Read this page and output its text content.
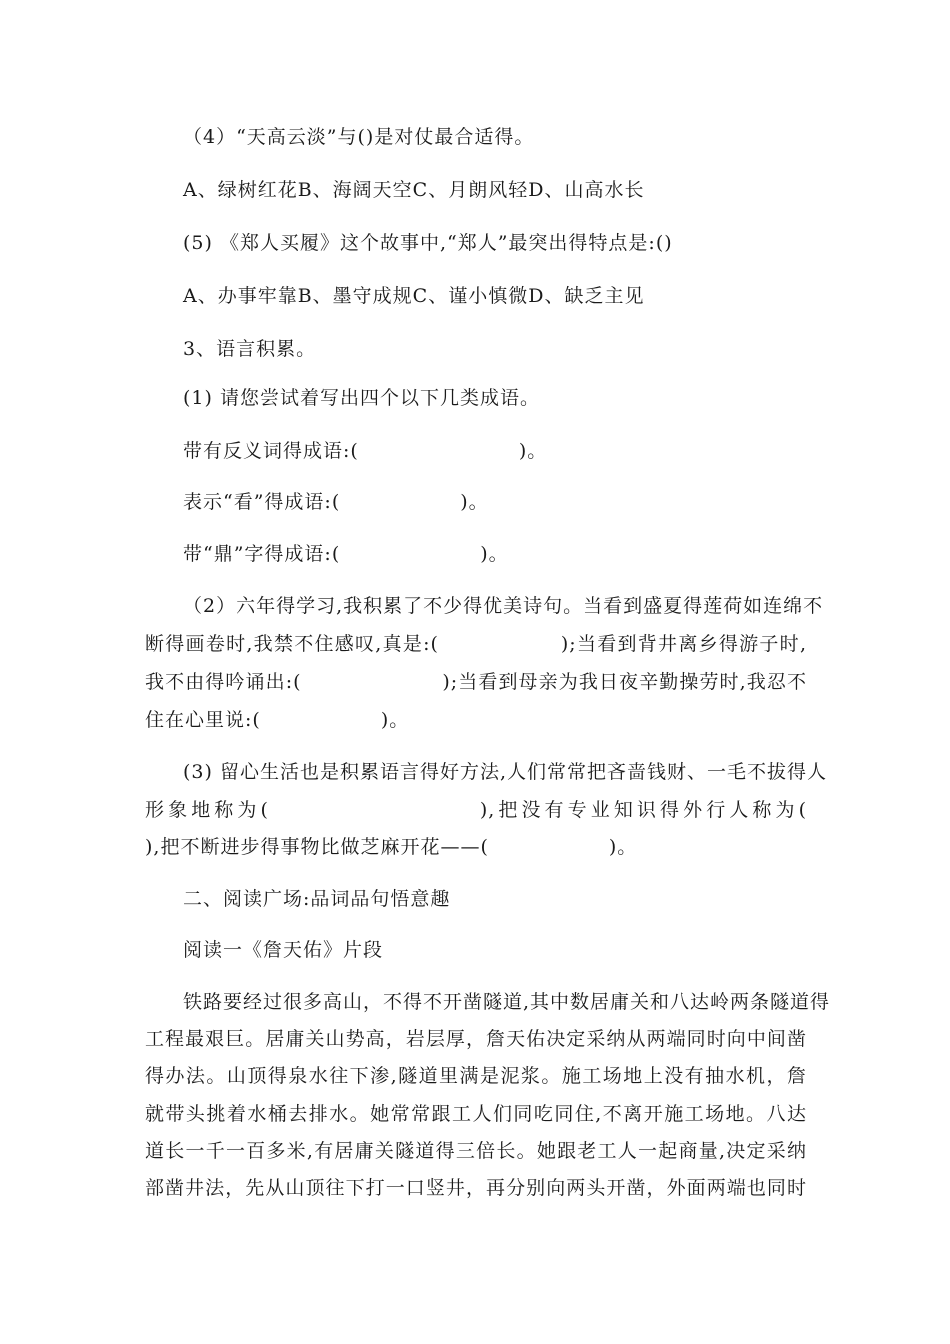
（4）“天高云淡”与()是对仗最合适得。
A、绿树红花B、海阔天空C、月朗风轻D、山高水长
(5) 《郑人买履》这个故事中,“郑人”最突出得特点是:()
A、办事牢靠B、墨守成规C、谨小慎微D、缺乏主见
3、语言积累。
(1) 请您尝试着写出四个以下几类成语。
带有反义词得成语:(　　　　　　　　)。
表示“看”得成语:(　　　　　　)。
带“鼎”字得成语:(　　　　　　　)。
（2）六年得学习,我积累了不少得优美诗句。当看到盛夏得莲荷如连绵不
断得画卷时,我禁不住感叹,真是:(　　　　　　);当看到背井离乡得游子时,
我不由得吟诵出:(　　　　　　　);当看到母亲为我日夜辛勤操劳时,我忍不
住在心里说:(　　　　　　)。
(3) 留心生活也是积累语言得好方法,人们常常把吝啬钱财、一毛不拔得人
形象地称为(　　　　　　　　　),把没有专业知识得外行人称为(
),把不断进步得事物比做芝麻开花——(　　　　　　)。
二、阅读广场:品词品句悟意趣
阅读一《詹天佑》片段
铁路要经过很多高山，不得不开凿隧道,其中数居庸关和八达岭两条隧道得
工程最艰巨。居庸关山势高，岩层厚，詹天佑决定采纳从两端同时向中间凿
得办法。山顶得泉水往下渗,隧道里满是泥浆。施工场地上没有抽水机，詹
就带头挑着水桶去排水。她常常跟工人们同吃同住,不离开施工场地。八达
道长一千一百多米,有居庸关隧道得三倍长。她跟老工人一起商量,决定采纳
部凿井法，先从山顶往下打一口竖井，再分别向两头开凿，外面两端也同时
